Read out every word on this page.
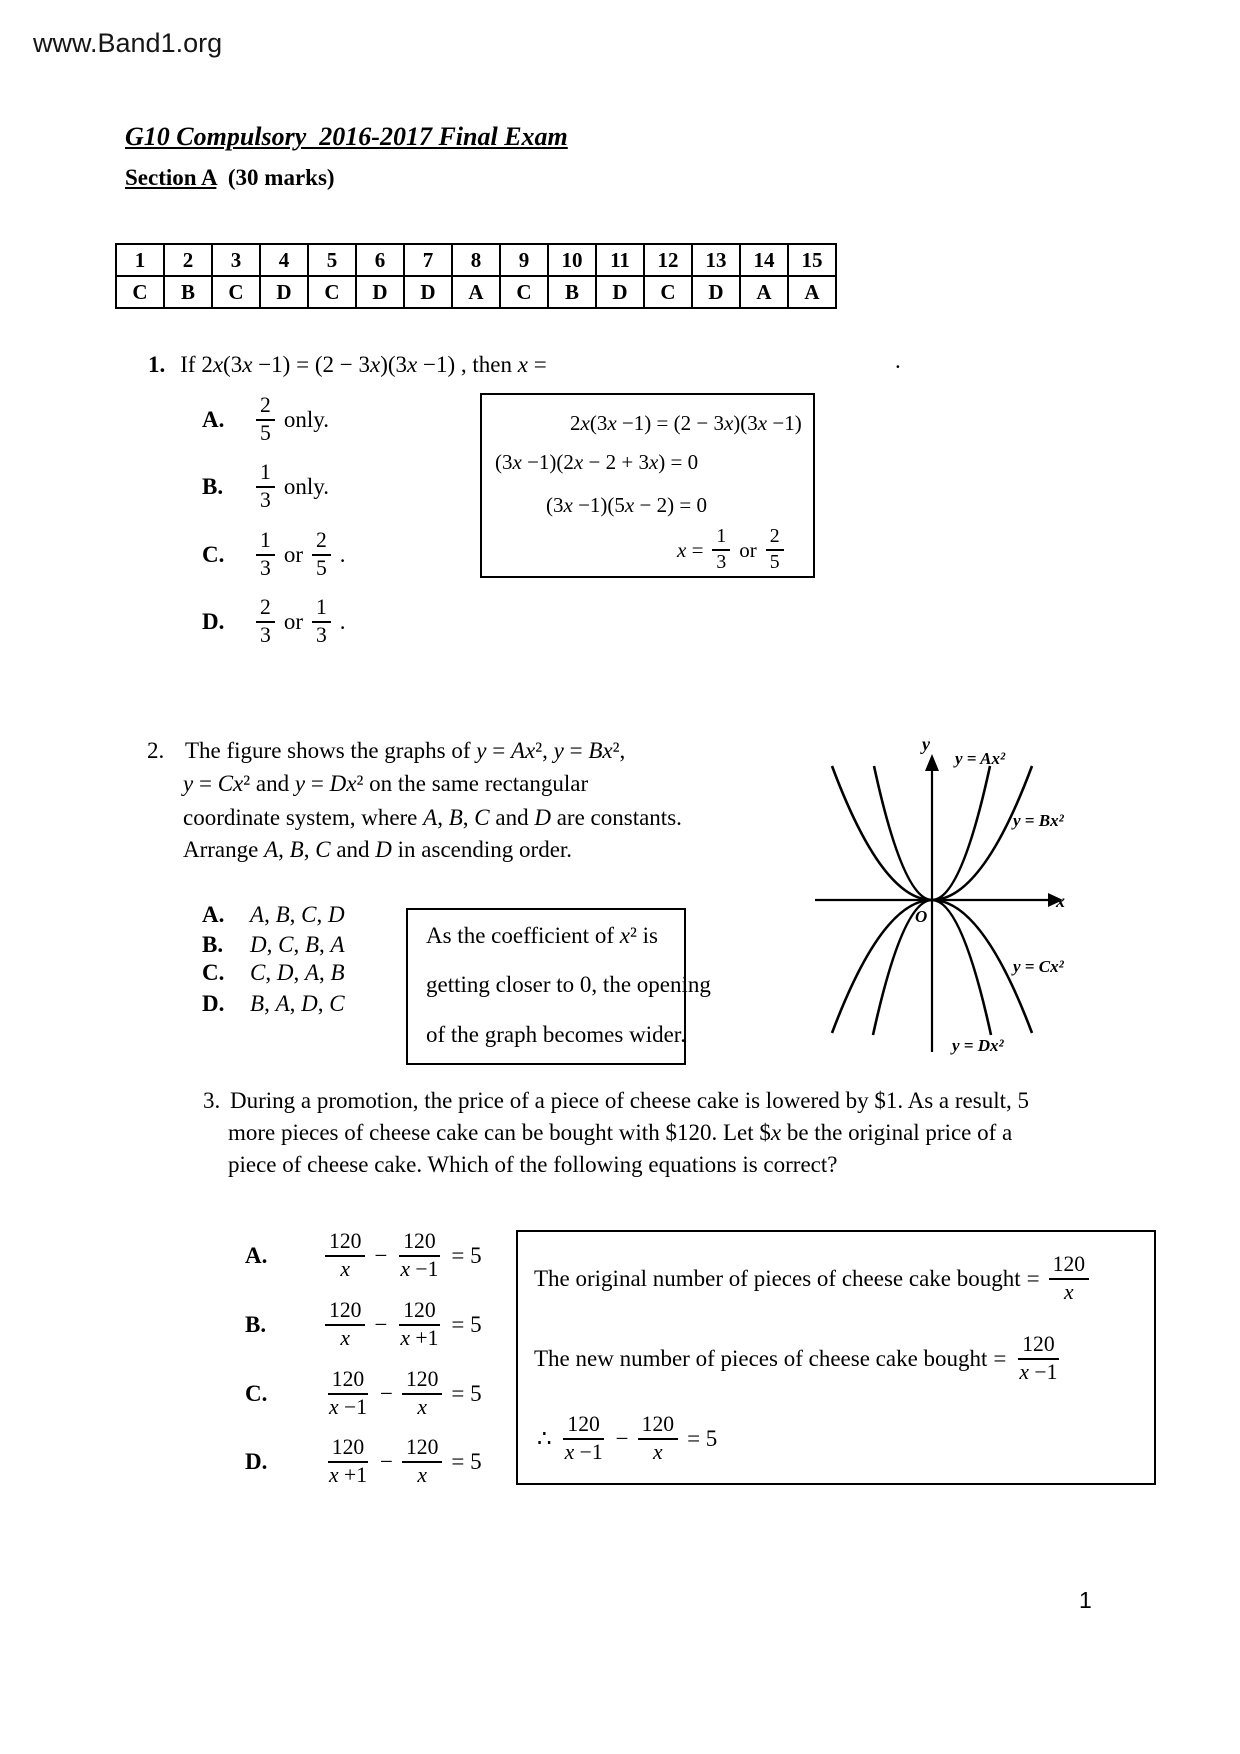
www.Band1.org
G10 Compulsory  2016-2017 Final Exam
Section A  (30 marks)
1	2	3	4	5	6	7	8	9	10	11	12	13	14	15
C	B	C	D	C	D	D	A	C	B	D	C	D	A	A
1. If 2x(3x −1) = (2 − 3x)(3x −1) , then x =	.
A.	$\frac{2}{5}$ only.
B.	$\frac{1}{3}$ only.
C.	$\frac{1}{3}$ or $\frac{2}{5}$ .
D.	$\frac{2}{3}$ or $\frac{1}{3}$ .
2x(3x −1) = (2 − 3x)(3x −1)
(3x −1)(2x − 2 + 3x) = 0
(3x −1)(5x − 2) = 0
$x = \frac{1}{3}$ or $\frac{2}{5}$
2. The figure shows the graphs of y = Ax², y = Bx²,
y = Cx² and y = Dx² on the same rectangular
coordinate system, where A, B, C and D are constants.
Arrange A, B, C and D in ascending order.
A. A, B, C, D
B. D, C, B, A
C. C, D, A, B
D. B, A, D, C
As the coefficient of x² is
getting closer to 0, the opening
of the graph becomes wider.
y
x
O
y = Ax²
y = Bx²
y = Cx²
y = Dx²
3. During a promotion, the price of a piece of cheese cake is lowered by $1. As a result, 5
more pieces of cheese cake can be bought with $120. Let $x be the original price of a
piece of cheese cake. Which of the following equations is correct?
A.	$\frac{120}{x} - \frac{120}{x -1} = 5$
B.	$\frac{120}{x} - \frac{120}{x +1} = 5$
C.	$\frac{120}{x -1} - \frac{120}{x} = 5$
D.	$\frac{120}{x +1} - \frac{120}{x} = 5$
The original number of pieces of cheese cake bought = $\frac{120}{x}$
The new number of pieces of cheese cake bought = $\frac{120}{x -1}$
∴ $\frac{120}{x -1} - \frac{120}{x} = 5$
1
